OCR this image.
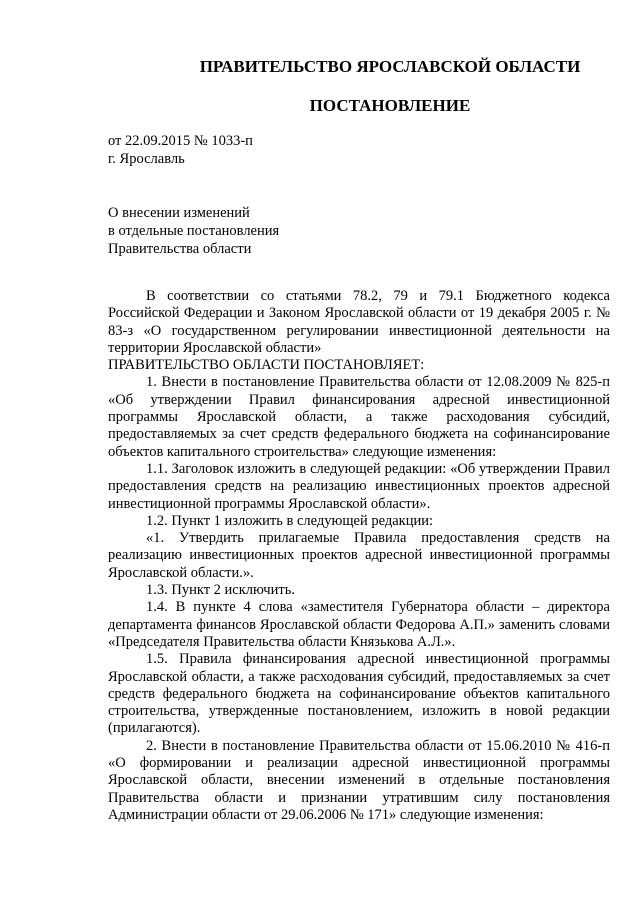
ПРАВИТЕЛЬСТВО ЯРОСЛАВСКОЙ ОБЛАСТИ
ПОСТАНОВЛЕНИЕ
от 22.09.2015 № 1033-п
г. Ярославль
О внесении изменений
в отдельные постановления
Правительства области

В соответствии со статьями 78.2, 79 и 79.1 Бюджетного кодекса Российской Федерации и Законом Ярославской области от 19 декабря 2005 г. № 83-з «О государственном регулировании инвестиционной деятельности на территории Ярославской области»

ПРАВИТЕЛЬСТВО ОБЛАСТИ ПОСТАНОВЛЯЕТ:

1. Внести в постановление Правительства области от 12.08.2009 № 825-п «Об утверждении Правил финансирования адресной инвестиционной программы Ярославской области, а также расходования субсидий, предоставляемых за счет средств федерального бюджета на софинансирование объектов капитального строительства» следующие изменения:

1.1. Заголовок изложить в следующей редакции: «Об утверждении Правил предоставления средств на реализацию инвестиционных проектов адресной инвестиционной программы Ярославской области».

1.2. Пункт 1 изложить в следующей редакции:

«1. Утвердить прилагаемые Правила предоставления средств на реализацию инвестиционных проектов адресной инвестиционной программы Ярославской области.».

1.3. Пункт 2 исключить.

1.4. В пункте 4 слова «заместителя Губернатора области – директора департамента финансов Ярославской области Федорова А.П.» заменить словами «Председателя Правительства области Князькова А.Л.».

1.5. Правила финансирования адресной инвестиционной программы Ярославской области, а также расходования субсидий, предоставляемых за счет средств федерального бюджета на софинансирование объектов капитального строительства, утвержденные постановлением, изложить в новой редакции (прилагаются).

2. Внести в постановление Правительства области от 15.06.2010 № 416-п «О формировании и реализации адресной инвестиционной программы Ярославской области, внесении изменений в отдельные постановления Правительства области и признании утратившим силу постановления Администрации области от 29.06.2006 № 171» следующие изменения:
